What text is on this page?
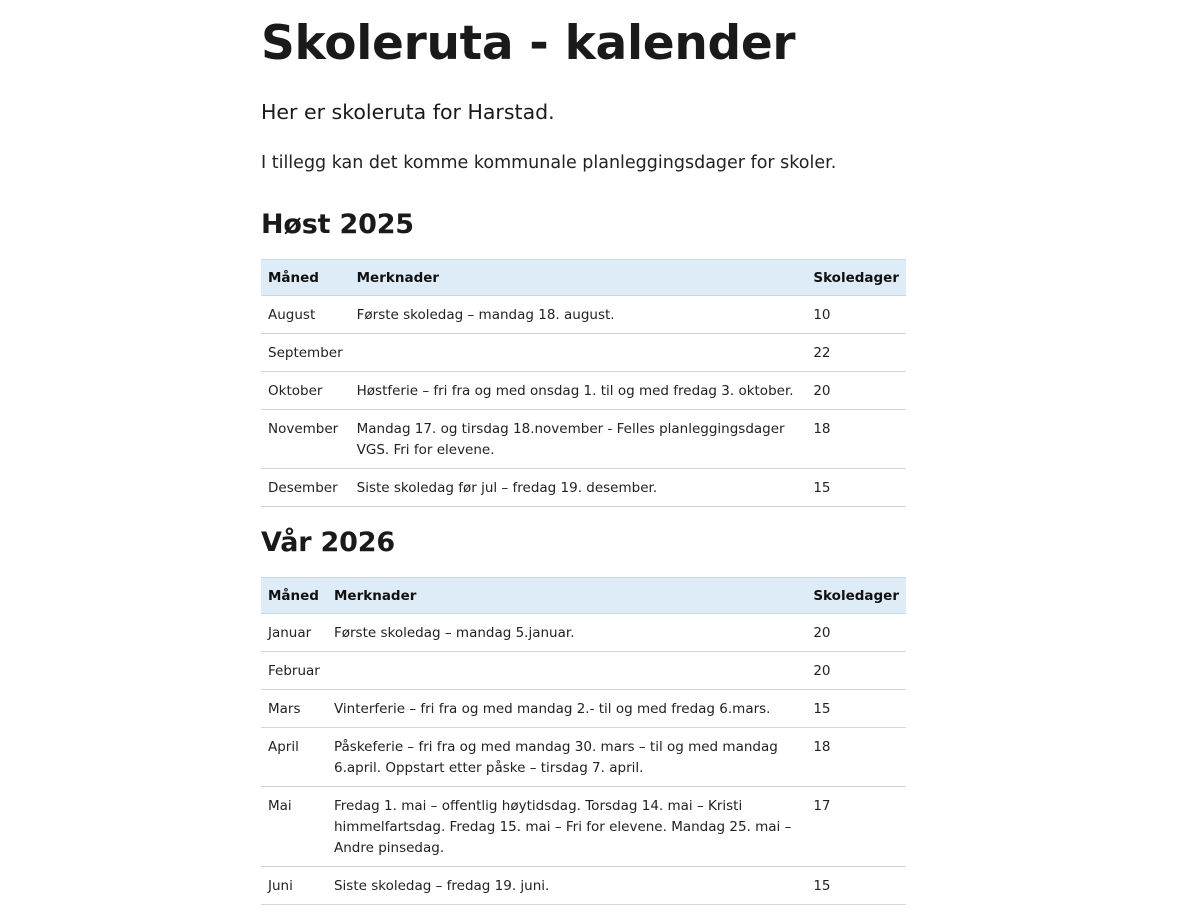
Skoleruta - kalender

Her er skoleruta for Harstad.

I tillegg kan det komme kommunale planleggingsdager for skoler.

Høst 2025
Måned	Merknader	Skoledager
August	Første skoledag – mandag 18. august.	10
September		22
Oktober	Høstferie – fri fra og med onsdag 1. til og med fredag 3. oktober.	20
November	Mandag 17. og tirsdag 18.november - Felles planleggingsdager VGS. Fri for elevene.	18
Desember	Siste skoledag før jul – fredag 19. desember.	15
Vår 2026
Måned	Merknader	Skoledager
Januar	Første skoledag – mandag 5.januar.	20
Februar		20
Mars	Vinterferie – fri fra og med mandag 2.- til og med fredag 6.mars.	15
April	Påskeferie – fri fra og med mandag 30. mars – til og med mandag 6.april. Oppstart etter påske – tirsdag 7. april.	18
Mai	Fredag 1. mai – offentlig høytidsdag. Torsdag 14. mai – Kristi himmelfartsdag. Fredag 15. mai – Fri for elevene. Mandag 25. mai – Andre pinsedag.	17
Juni	Siste skoledag – fredag 19. juni.	15
